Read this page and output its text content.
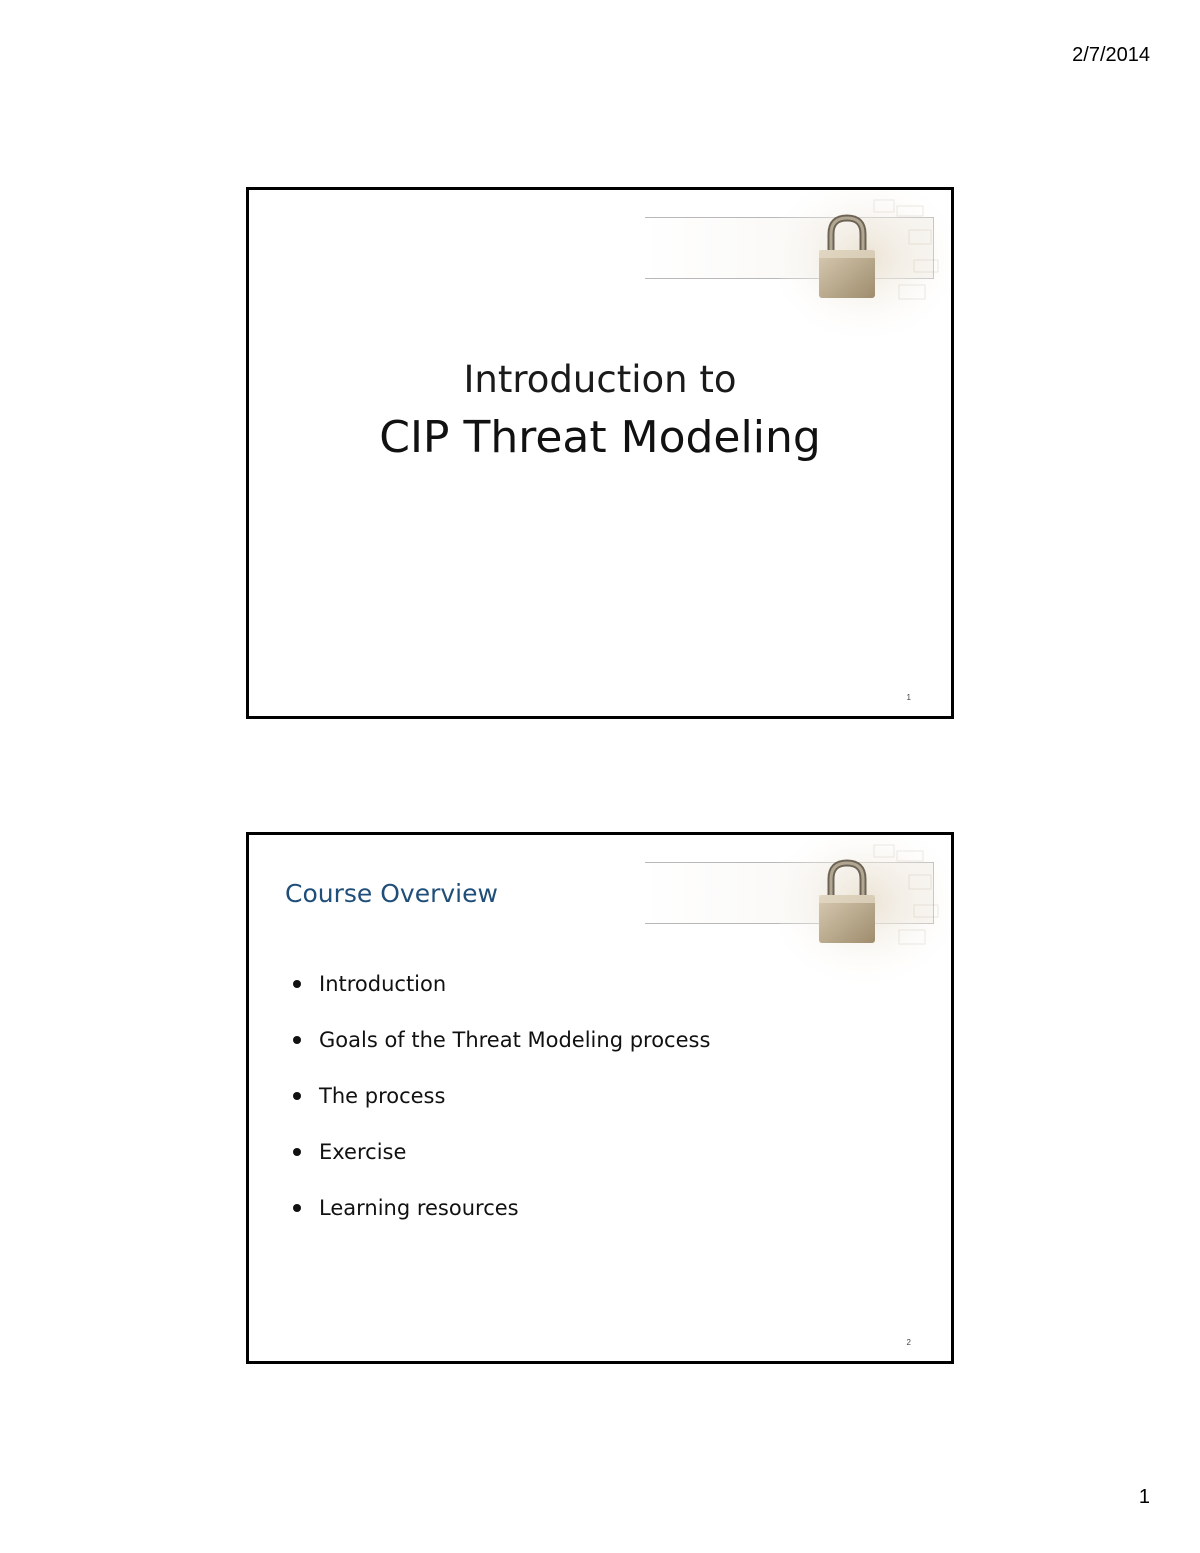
2/7/2014
Introduction to
CIP Threat Modeling
1
Course Overview
Introduction
Goals of the Threat Modeling process
The process
Exercise
Learning resources
2
1
